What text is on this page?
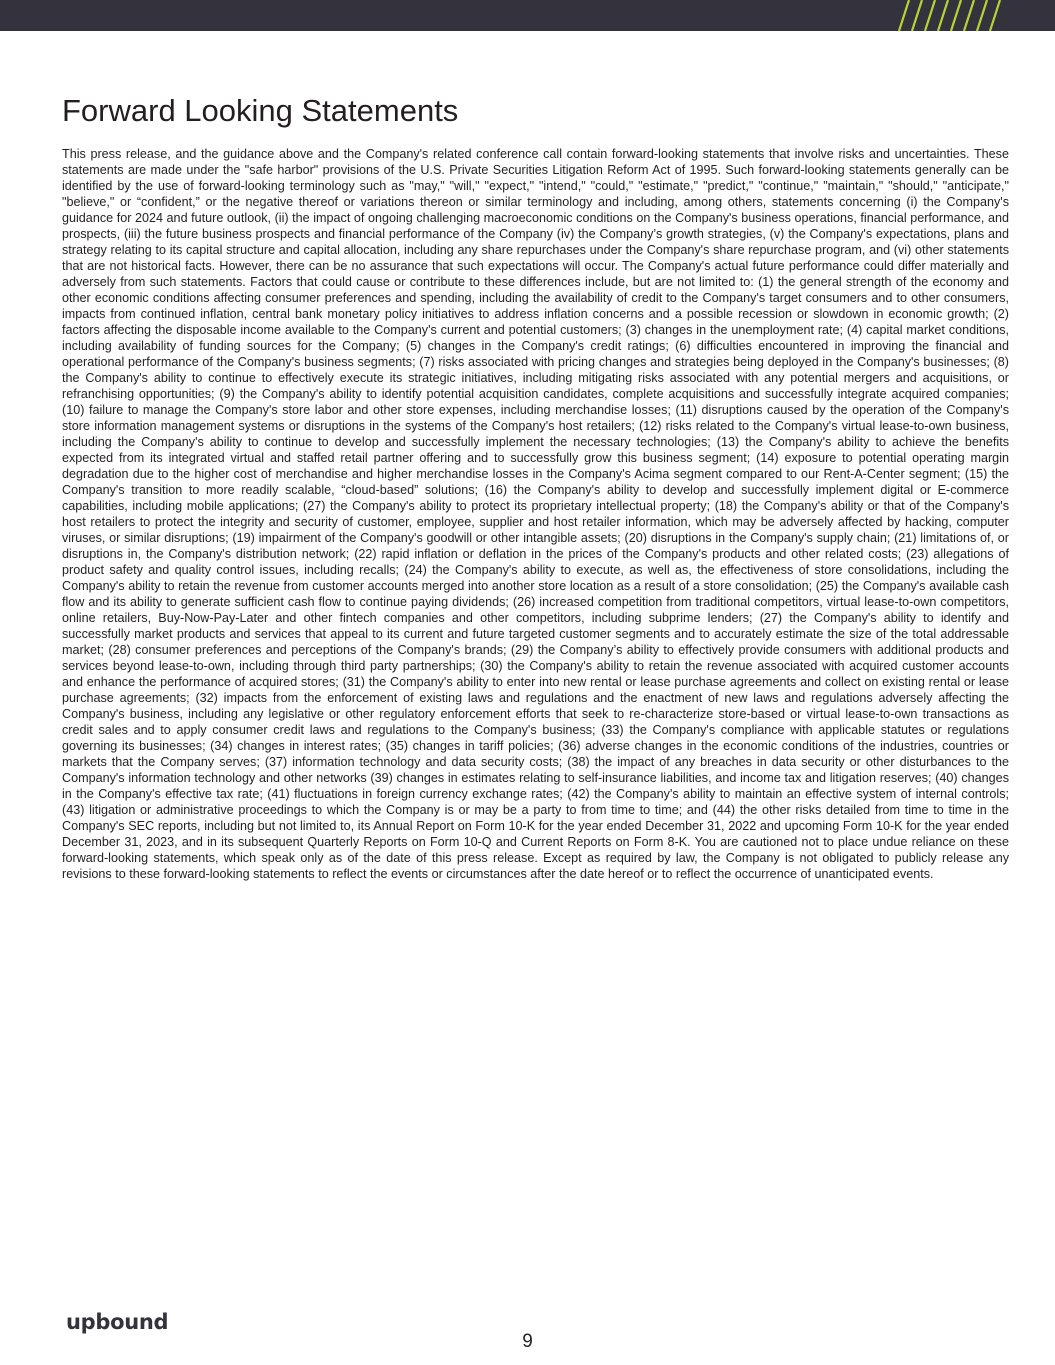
Forward Looking Statements

This press release, and the guidance above and the Company's related conference call contain forward-looking statements that involve risks and uncertainties. These statements are made under the "safe harbor" provisions of the U.S. Private Securities Litigation Reform Act of 1995. Such forward-looking statements generally can be identified by the use of forward-looking terminology such as "may," "will," "expect," "intend," "could," "estimate," "predict," "continue," "maintain," "should," "anticipate," "believe," or “confident,” or the negative thereof or variations thereon or similar terminology and including, among others, statements concerning (i) the Company's guidance for 2024 and future outlook, (ii) the impact of ongoing challenging macroeconomic conditions on the Company's business operations, financial performance, and prospects, (iii) the future business prospects and financial performance of the Company (iv) the Company’s growth strategies, (v) the Company's expectations, plans and strategy relating to its capital structure and capital allocation, including any share repurchases under the Company's share repurchase program, and (vi) other statements that are not historical facts. However, there can be no assurance that such expectations will occur. The Company's actual future performance could differ materially and adversely from such statements. Factors that could cause or contribute to these differences include, but are not limited to: (1) the general strength of the economy and other economic conditions affecting consumer preferences and spending, including the availability of credit to the Company's target consumers and to other consumers, impacts from continued inflation, central bank monetary policy initiatives to address inflation concerns and a possible recession or slowdown in economic growth; (2) factors affecting the disposable income available to the Company's current and potential customers; (3) changes in the unemployment rate; (4) capital market conditions, including availability of funding sources for the Company; (5) changes in the Company's credit ratings; (6) difficulties encountered in improving the financial and operational performance of the Company's business segments; (7) risks associated with pricing changes and strategies being deployed in the Company's businesses; (8) the Company's ability to continue to effectively execute its strategic initiatives, including mitigating risks associated with any potential mergers and acquisitions, or refranchising opportunities; (9) the Company's ability to identify potential acquisition candidates, complete acquisitions and successfully integrate acquired companies; (10) failure to manage the Company's store labor and other store expenses, including merchandise losses; (11) disruptions caused by the operation of the Company's store information management systems or disruptions in the systems of the Company's host retailers; (12) risks related to the Company's virtual lease-to-own business, including the Company's ability to continue to develop and successfully implement the necessary technologies; (13) the Company's ability to achieve the benefits expected from its integrated virtual and staffed retail partner offering and to successfully grow this business segment; (14) exposure to potential operating margin degradation due to the higher cost of merchandise and higher merchandise losses in the Company's Acima segment compared to our Rent-A-Center segment; (15) the Company's transition to more readily scalable, “cloud-based” solutions; (16) the Company's ability to develop and successfully implement digital or E-commerce capabilities, including mobile applications; (27) the Company's ability to protect its proprietary intellectual property; (18) the Company's ability or that of the Company's host retailers to protect the integrity and security of customer, employee, supplier and host retailer information, which may be adversely affected by hacking, computer viruses, or similar disruptions; (19) impairment of the Company's goodwill or other intangible assets; (20) disruptions in the Company's supply chain; (21) limitations of, or disruptions in, the Company's distribution network; (22) rapid inflation or deflation in the prices of the Company's products and other related costs; (23) allegations of product safety and quality control issues, including recalls; (24) the Company's ability to execute, as well as, the effectiveness of store consolidations, including the Company's ability to retain the revenue from customer accounts merged into another store location as a result of a store consolidation; (25) the Company's available cash flow and its ability to generate sufficient cash flow to continue paying dividends; (26) increased competition from traditional competitors, virtual lease-to-own competitors, online retailers, Buy-Now-Pay-Later and other fintech companies and other competitors, including subprime lenders; (27) the Company's ability to identify and successfully market products and services that appeal to its current and future targeted customer segments and to accurately estimate the size of the total addressable market; (28) consumer preferences and perceptions of the Company's brands; (29) the Company’s ability to effectively provide consumers with additional products and services beyond lease-to-own, including through third party partnerships; (30) the Company's ability to retain the revenue associated with acquired customer accounts and enhance the performance of acquired stores; (31) the Company's ability to enter into new rental or lease purchase agreements and collect on existing rental or lease purchase agreements; (32) impacts from the enforcement of existing laws and regulations and the enactment of new laws and regulations adversely affecting the Company's business, including any legislative or other regulatory enforcement efforts that seek to re-characterize store-based or virtual lease-to-own transactions as credit sales and to apply consumer credit laws and regulations to the Company's business; (33) the Company's compliance with applicable statutes or regulations governing its businesses; (34) changes in interest rates; (35) changes in tariff policies; (36) adverse changes in the economic conditions of the industries, countries or markets that the Company serves; (37) information technology and data security costs; (38) the impact of any breaches in data security or other disturbances to the Company's information technology and other networks (39) changes in estimates relating to self-insurance liabilities, and income tax and litigation reserves; (40) changes in the Company's effective tax rate; (41) fluctuations in foreign currency exchange rates; (42) the Company's ability to maintain an effective system of internal controls; (43) litigation or administrative proceedings to which the Company is or may be a party to from time to time; and (44) the other risks detailed from time to time in the Company's SEC reports, including but not limited to, its Annual Report on Form 10-K for the year ended December 31, 2022 and upcoming Form 10-K for the year ended December 31, 2023, and in its subsequent Quarterly Reports on Form 10-Q and Current Reports on Form 8-K. You are cautioned not to place undue reliance on these forward-looking statements, which speak only as of the date of this press release. Except as required by law, the Company is not obligated to publicly release any revisions to these forward-looking statements to reflect the events or circumstances after the date hereof or to reflect the occurrence of unanticipated events.

upbound
9
